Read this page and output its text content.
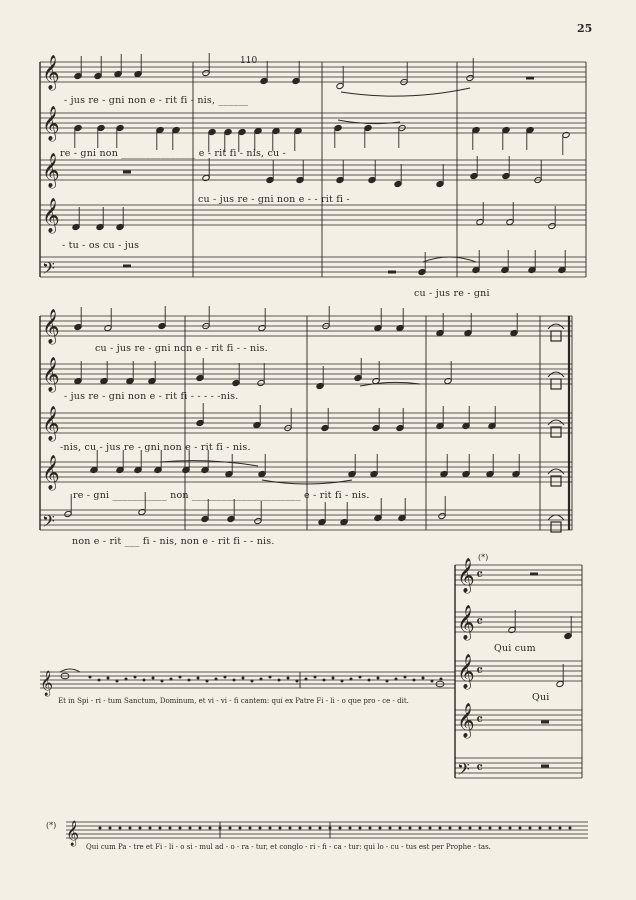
𝄞
𝄞
𝄞
𝄞
𝄢
𝄞
𝄞
𝄞
𝄞
𝄢
𝄞
𝄞 𝄴
𝄞 𝄴
𝄞 𝄴
𝄞 𝄴
𝄢 𝄴
𝄞
25
110
- jus re - gni non e - rit fi - nis, ______
re - gni non _______________ e - rit fi - nis, cu -
cu - jus re - gni non e - - rit fi -
- tu - os cu - jus
cu - jus re - gni
cu - jus re - gni non e - rit fi - - nis.
- jus re - gni non e - rit fi - - - - -nis.
-nis, cu - jus re - gni non e - rit fi - nis.
re - gni ___________ non ______________________ e - rit fi - nis.
non e - rit ___ fi - nis, non e - rit fi - - nis.
Et in Spi - ri - tum Sanctum, Dominum, et vi - vi - fi cantem: qui ex Patre Fi - li - o que pro - ce - dit.
(*)
Qui cum
Qui
(*)
Qui cum Pa - tre et Fi - li - o si - mul ad - o - ra - tur, et conglo - ri - fi - ca - tur: qui lo - cu - tus est per Prophe - tas.
